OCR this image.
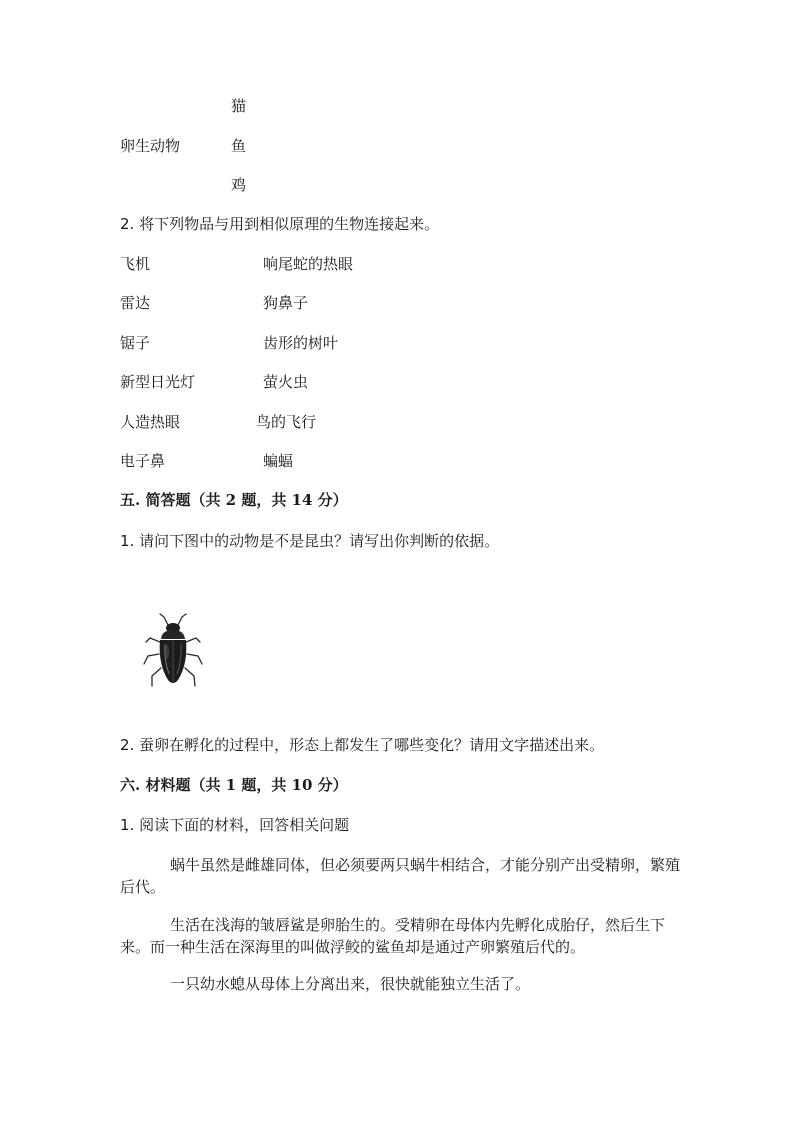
猫
卵生动物	鱼
鸡
2. 将下列物品与用到相似原理的生物连接起来。
飞机	响尾蛇的热眼
雷达	狗鼻子
锯子	齿形的树叶
新型日光灯	萤火虫
人造热眼	鸟的飞行
电子鼻	蝙蝠
五. 简答题（共 2 题，共 14 分）
1. 请问下图中的动物是不是昆虫？请写出你判断的依据。
2. 蚕卵在孵化的过程中，形态上都发生了哪些变化？请用文字描述出来。
六. 材料题（共 1 题，共 10 分）
1. 阅读下面的材料，回答相关问题
蜗牛虽然是雌雄同体，但必须要两只蜗牛相结合，才能分别产出受精卵，繁殖后代。
生活在浅海的皱唇鲨是卵胎生的。受精卵在母体内先孵化成胎仔，然后生下来。而一种生活在深海里的叫做浮鲛的鲨鱼却是通过产卵繁殖后代的。
一只幼水螅从母体上分离出来，很快就能独立生活了。
